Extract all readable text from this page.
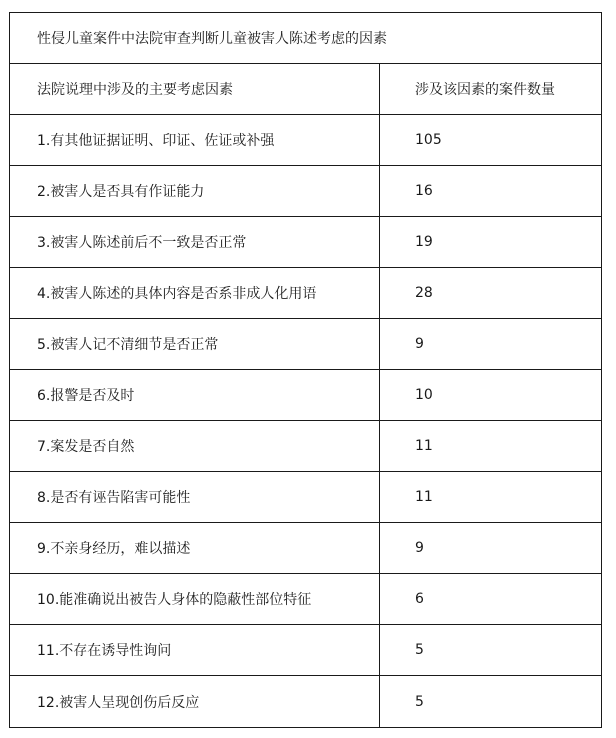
性侵儿童案件中法院审查判断儿童被害人陈述考虑的因素
法院说理中涉及的主要考虑因素	涉及该因素的案件数量
1.有其他证据证明、印证、佐证或补强	105
2.被害人是否具有作证能力	16
3.被害人陈述前后不一致是否正常	19
4.被害人陈述的具体内容是否系非成人化用语	28
5.被害人记不清细节是否正常	9
6.报警是否及时	10
7.案发是否自然	11
8.是否有诬告陷害可能性	11
9.不亲身经历，难以描述	9
10.能准确说出被告人身体的隐蔽性部位特征	6
11.不存在诱导性询问	5
12.被害人呈现创伤后反应	5
